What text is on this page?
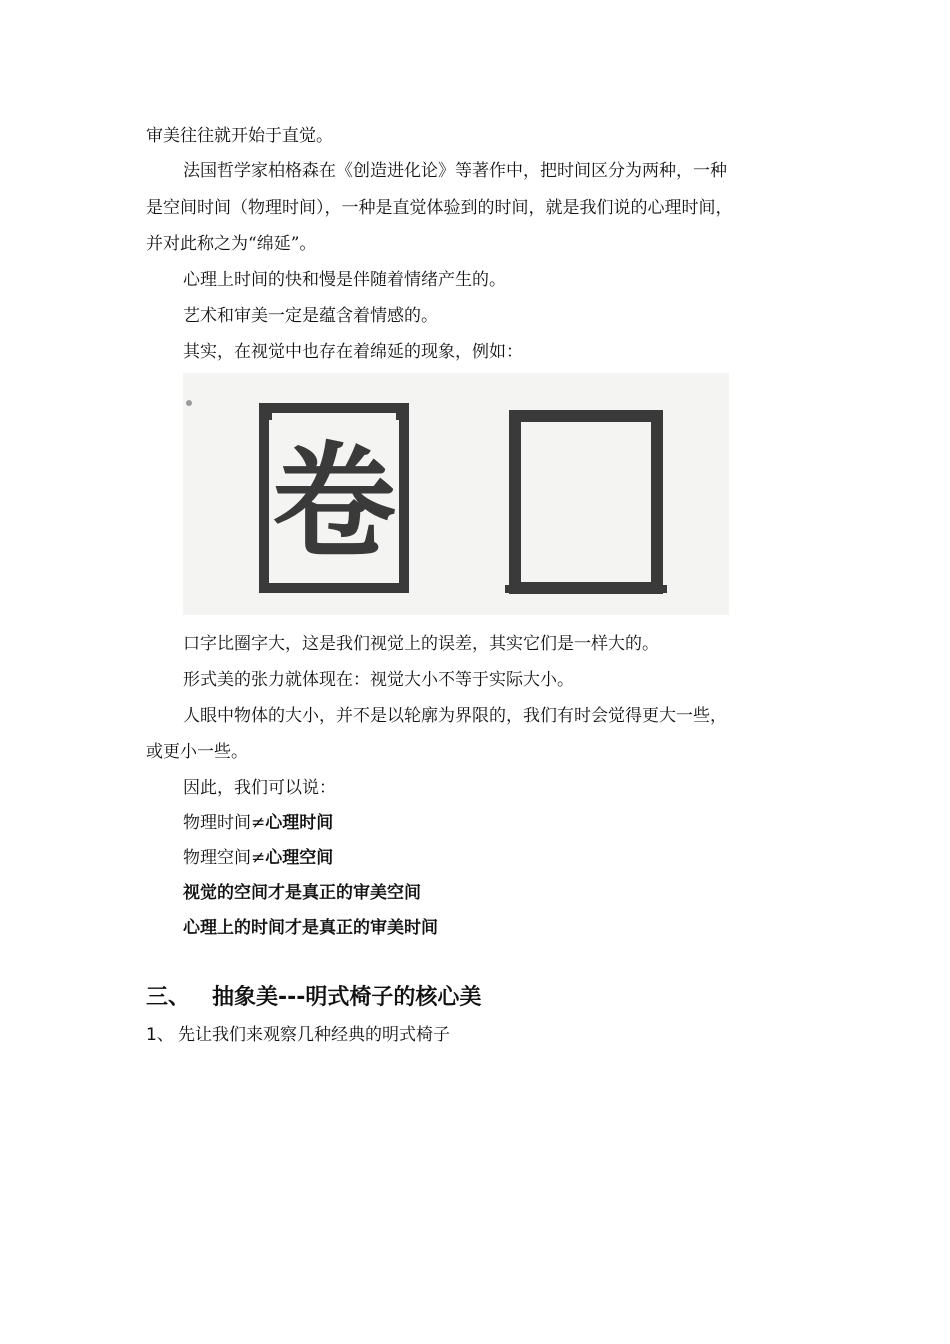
审美往往就开始于直觉。
法国哲学家柏格森在《创造进化论》等著作中，把时间区分为两种，一种
是空间时间（物理时间），一种是直觉体验到的时间，就是我们说的心理时间，
并对此称之为“绵延”。
心理上时间的快和慢是伴随着情绪产生的。
艺术和审美一定是蕴含着情感的。
其实，在视觉中也存在着绵延的现象，例如：
卷
口字比圈字大，这是我们视觉上的误差，其实它们是一样大的。
形式美的张力就体现在：视觉大小不等于实际大小。
人眼中物体的大小，并不是以轮廓为界限的，我们有时会觉得更大一些，
或更小一些。
因此，我们可以说：
物理时间≠心理时间
物理空间≠心理空间
视觉的空间才是真正的审美空间
心理上的时间才是真正的审美时间
三、 抽象美---明式椅子的核心美
1、 先让我们来观察几种经典的明式椅子
